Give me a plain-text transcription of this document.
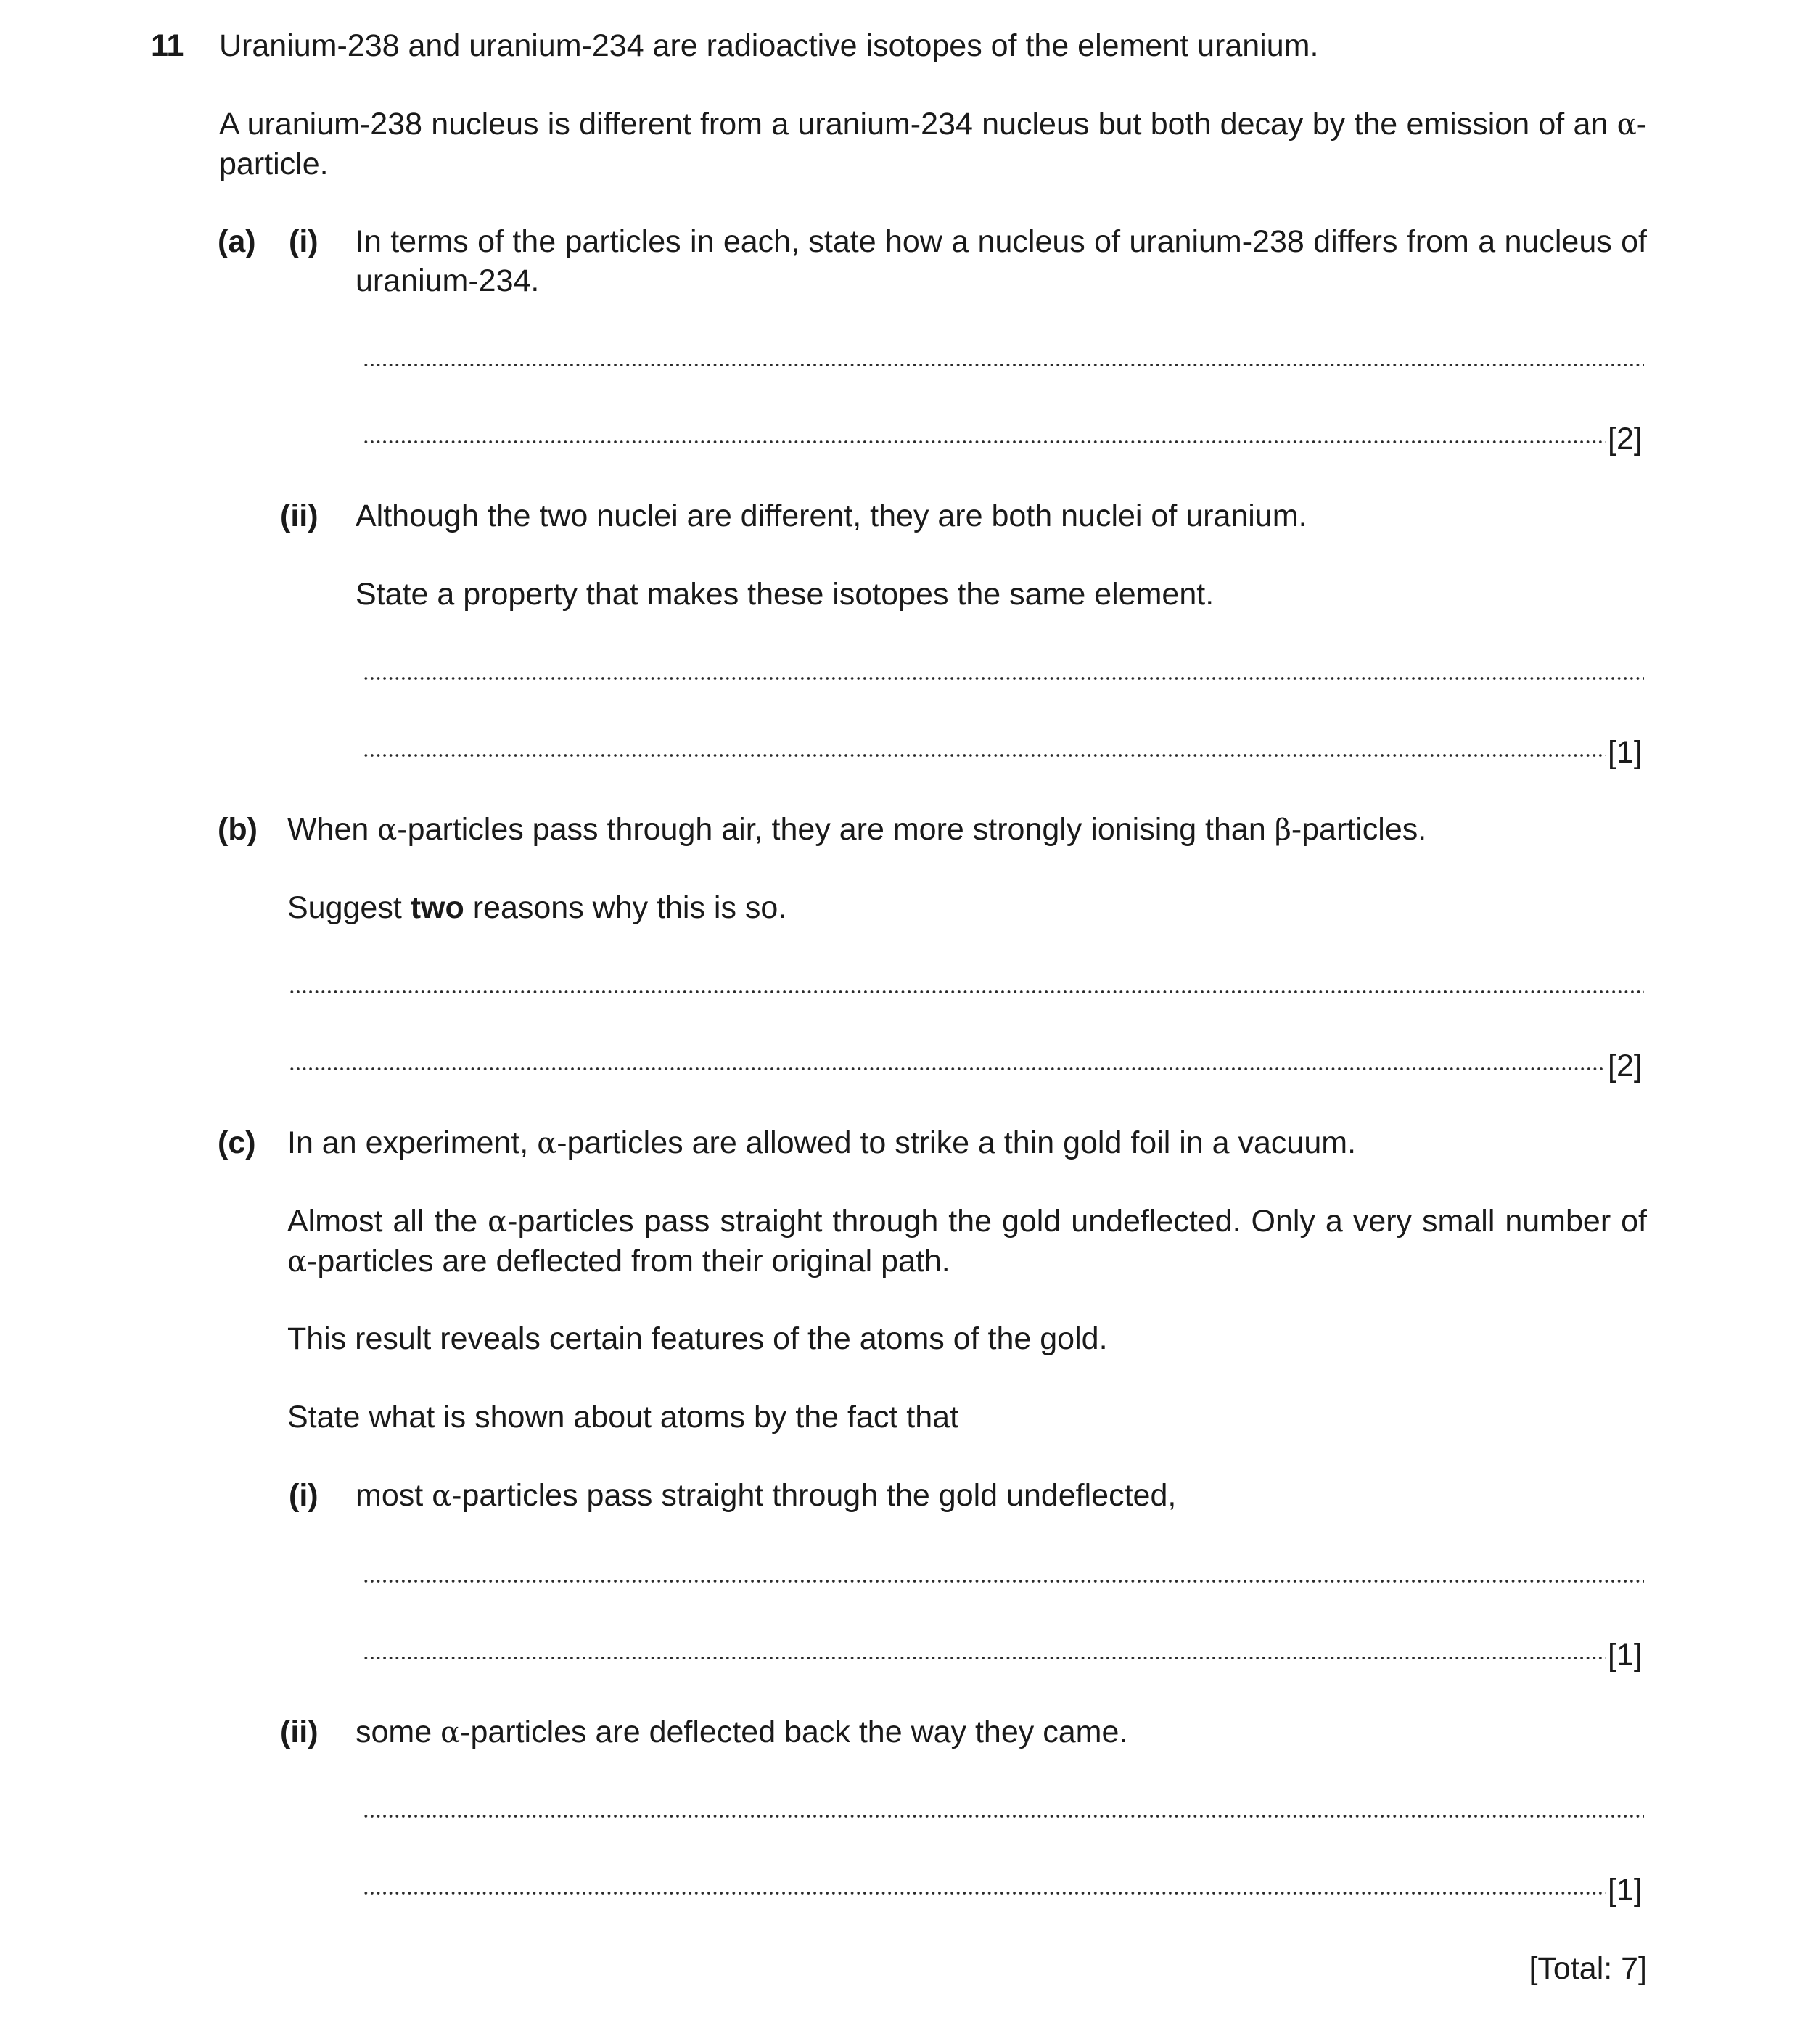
11 Uranium-238 and uranium-234 are radioactive isotopes of the element uranium.

A uranium-238 nucleus is different from a uranium-234 nucleus but both decay by the emission of an α-particle.

(a) (i) In terms of the particles in each, state how a nucleus of uranium-238 differs from a nucleus of uranium-234.

[2]
(ii) Although the two nuclei are different, they are both nuclei of uranium.

State a property that makes these isotopes the same element.

[1]
(b) When α-particles pass through air, they are more strongly ionising than β-particles.

Suggest two reasons why this is so.

[2]
(c) In an experiment, α-particles are allowed to strike a thin gold foil in a vacuum.

Almost all the α-particles pass straight through the gold undeflected. Only a very small number of α-particles are deflected from their original path.

This result reveals certain features of the atoms of the gold.

State what is shown about atoms by the fact that

(i) most α-particles pass straight through the gold undeflected,

[1]
(ii) some α-particles are deflected back the way they came.

[1]
[Total: 7]
